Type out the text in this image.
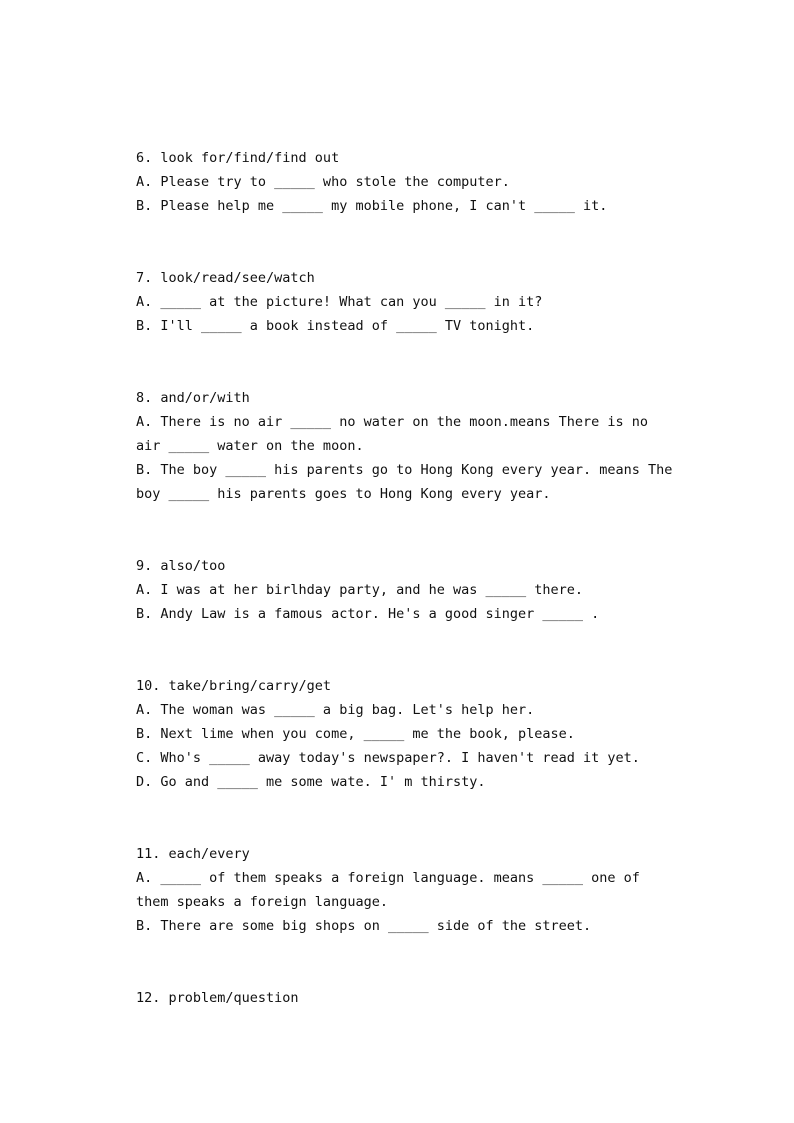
6. look for/find/find out
A. Please try to _____ who stole the computer.
B. Please help me _____ my mobile phone, I can't _____ it.
7. look/read/see/watch
A. _____ at the picture! What can you _____ in it?
B. I'll _____ a book instead of _____ TV tonight.
8. and/or/with
A. There is no air _____ no water on the moon.means There is no
air _____ water on the moon.
B. The boy _____ his parents go to Hong Kong every year. means The
boy _____ his parents goes to Hong Kong every year.
9. also/too
A. I was at her birlhday party, and he was _____ there.
B. Andy Law is a famous actor. He's a good singer _____ .
10. take/bring/carry/get
A. The woman was _____ a big bag. Let's help her.
B. Next lime when you come, _____ me the book, please.
C. Who's _____ away today's newspaper?. I haven't read it yet.
D. Go and _____ me some wate. I' m thirsty.
11. each/every
A. _____ of them speaks a foreign language. means _____ one of
them speaks a foreign language.
B. There are some big shops on _____ side of the street.
12. problem/question
